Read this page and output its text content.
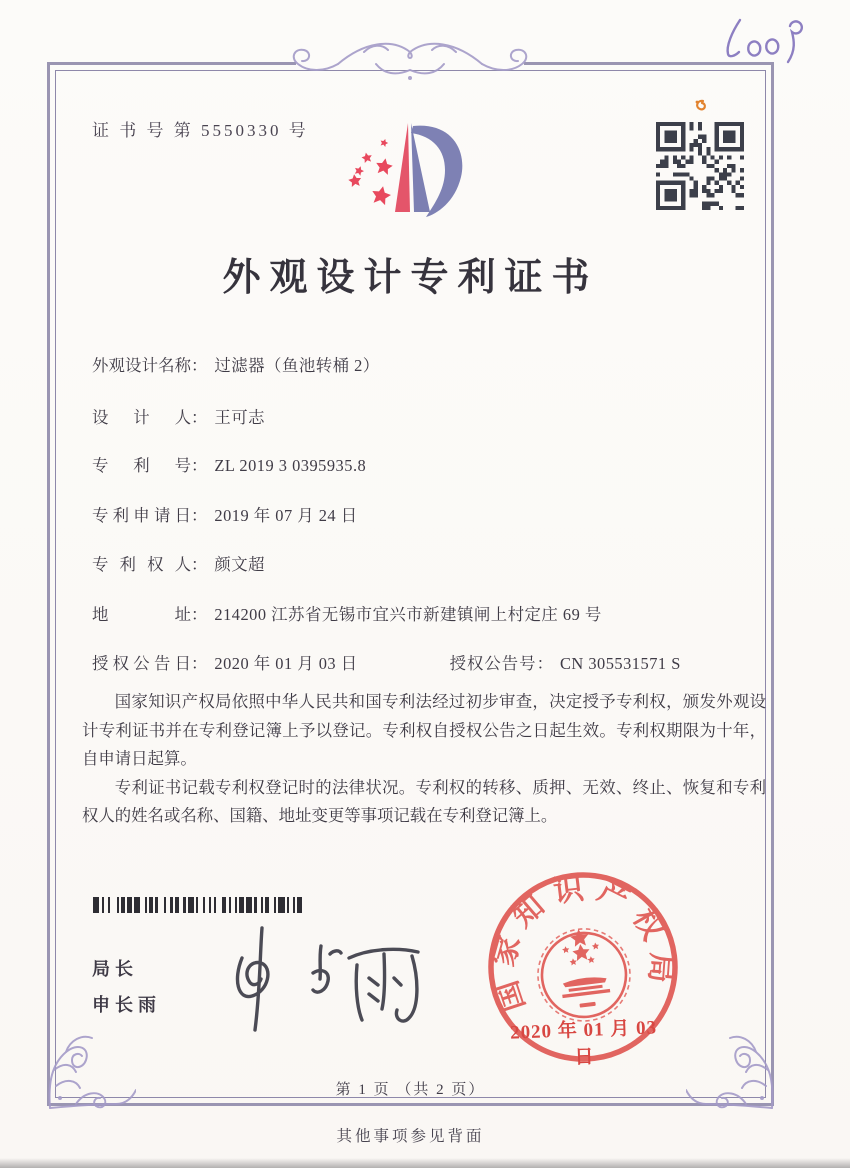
证 书 号 第 5550330 号
外观设计专利证书
外观设计名称： 过滤器（鱼池转桶 2）
设计人： 王可志
专利号： ZL 2019 3 0395935.8
专利申请日： 2019 年 07 月 24 日
专利权人： 颜文超
地址： 214200 江苏省无锡市宜兴市新建镇闸上村定庄 69 号
授权公告日： 2020 年 01 月 03 日	授权公告号： CN 305531571 S

国家知识产权局依照中华人民共和国专利法经过初步审查，决定授予专利权，颁发外观设计专利证书并在专利登记簿上予以登记。专利权自授权公告之日起生效。专利权期限为十年，自申请日起算。

专利证书记载专利权登记时的法律状况。专利权的转移、质押、无效、终止、恢复和专利权人的姓名或名称、国籍、地址变更等事项记载在专利登记簿上。

局长
申长雨	国家知识产权局
2020 年 01 月 03 日
第 1 页 （共 2 页）
其他事项参见背面
